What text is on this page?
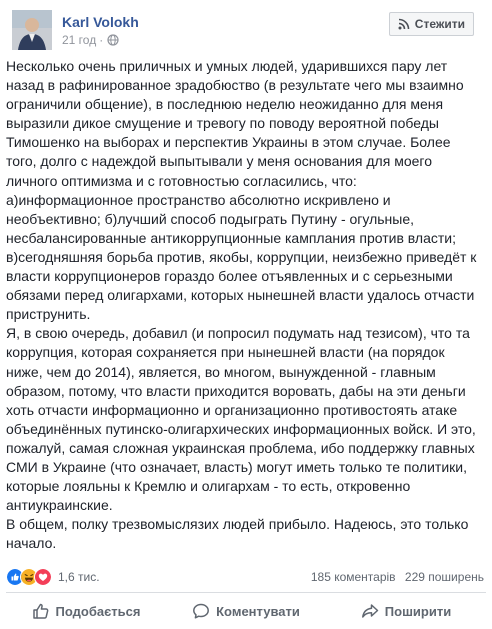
Karl Volokh
21 год ·
Стежити

Несколько очень приличных и умных людей, ударившихся пару лет
назад в рафинированное зрадобюство (в результате чего мы взаимно
ограничили общение), в последнюю неделю неожиданно для меня
выразили дикое смущение и тревогу по поводу вероятной победы
Тимошенко на выборах и перспектив Украины в этом случае. Более
того, долго с надеждой выпытывали у меня основания для моего
личного оптимизма и с готовностью согласились, что:
а)информационное пространство абсолютно искривлено и
необъективно; б)лучший способ подыграть Путину - огульные,
несбалансированные антикоррупционные камплания против власти;
в)сегодняшняя борьба против, якобы, коррупции, неизбежно приведёт к
власти коррупционеров гораздо более отъявленных и с серьезными
обязами перед олигархами, которых нынешней власти удалось отчасти
приструнить.
Я, в свою очередь, добавил (и попросил подумать над тезисом), что та
коррупция, которая сохраняется при нынешней власти (на порядок
ниже, чем до 2014), является, во многом, вынужденной - главным
образом, потому, что власти приходится воровать, дабы на эти деньги
хоть отчасти информационно и организационно противостоять атаке
объединённых путинско-олигархических информационных войск. И это,
пожалуй, самая сложная украинская проблема, ибо поддержку главных
СМИ в Украине (что означает, власть) могут иметь только те политики,
которые лояльны к Кремлю и олигархам - то есть, откровенно
антиукраинские.
В общем, полку трезвомыслязих людей прибыло. Надеюсь, это только
начало.

1,6 тис.	185 коментарів 229 поширень
Подобається	Коментувати	Поширити
